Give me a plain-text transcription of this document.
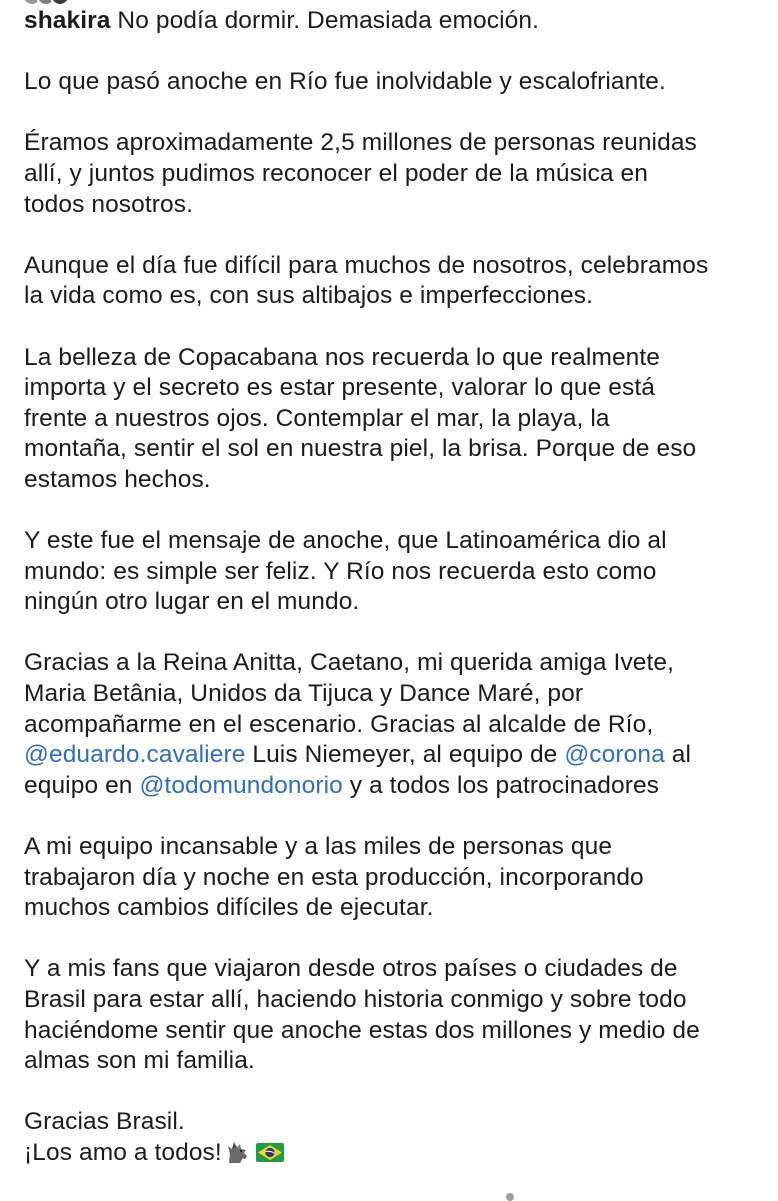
shakira No podía dormir. Demasiada emoción.
Lo que pasó anoche en Río fue inolvidable y escalofriante.
Éramos aproximadamente 2,5 millones de personas reunidas
allí, y juntos pudimos reconocer el poder de la música en
todos nosotros.
Aunque el día fue difícil para muchos de nosotros, celebramos
la vida como es, con sus altibajos e imperfecciones.
La belleza de Copacabana nos recuerda lo que realmente
importa y el secreto es estar presente, valorar lo que está
frente a nuestros ojos. Contemplar el mar, la playa, la
montaña, sentir el sol en nuestra piel, la brisa. Porque de eso
estamos hechos.
Y este fue el mensaje de anoche, que Latinoamérica dio al
mundo: es simple ser feliz. Y Río nos recuerda esto como
ningún otro lugar en el mundo.
Gracias a la Reina Anitta, Caetano, mi querida amiga Ivete,
Maria Betânia, Unidos da Tijuca y Dance Maré, por
acompañarme en el escenario. Gracias al alcalde de Río,
@eduardo.cavaliere Luis Niemeyer, al equipo de @corona al
equipo en @todomundonorio y a todos los patrocinadores
A mi equipo incansable y a las miles de personas que
trabajaron día y noche en esta producción, incorporando
muchos cambios difíciles de ejecutar.
Y a mis fans que viajaron desde otros países o ciudades de
Brasil para estar allí, haciendo historia conmigo y sobre todo
haciéndome sentir que anoche estas dos millones y medio de
almas son mi familia.
Gracias Brasil.
¡Los amo a todos!
